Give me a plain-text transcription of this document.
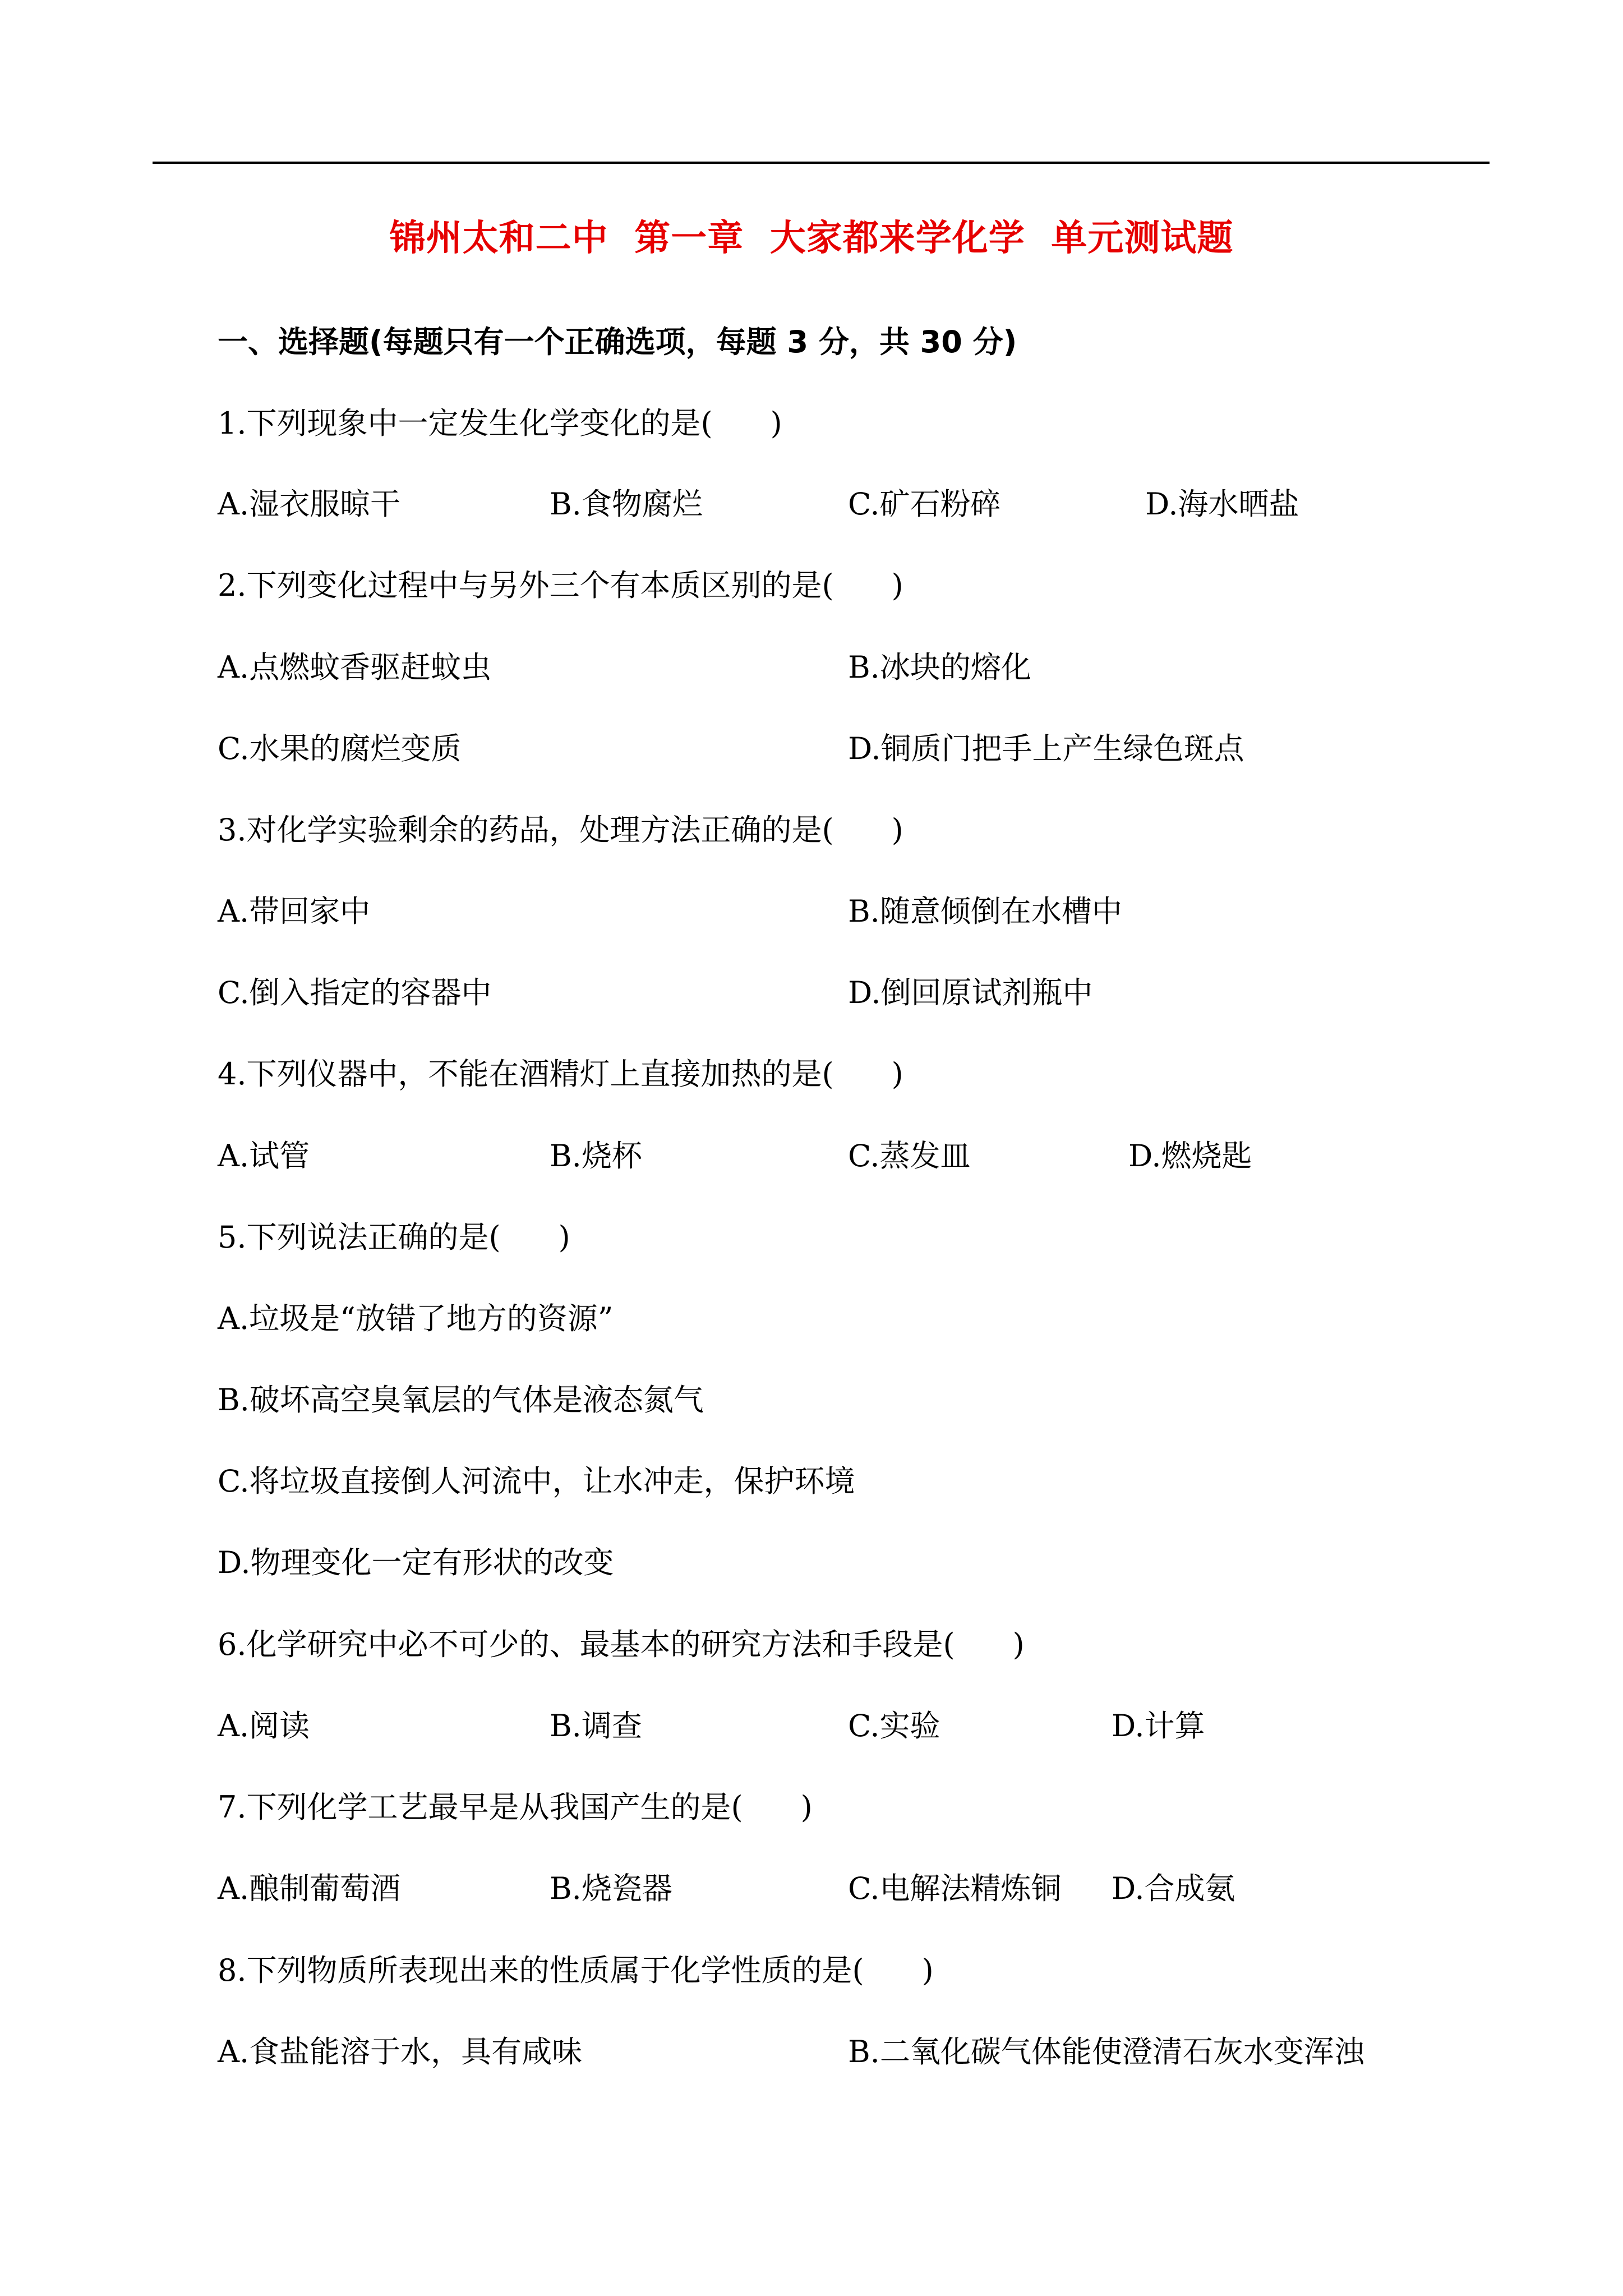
锦州太和二中  第一章  大家都来学化学  单元测试题
一、选择题(每题只有一个正确选项，每题 3 分，共 30 分)
1.下列现象中一定发生化学变化的是(      )
A.湿衣服晾干	B.食物腐烂	C.矿石粉碎	D.海水晒盐
2.下列变化过程中与另外三个有本质区别的是(      )
A.点燃蚊香驱赶蚊虫	B.冰块的熔化
C.水果的腐烂变质	D.铜质门把手上产生绿色斑点
3.对化学实验剩余的药品，处理方法正确的是(      )
A.带回家中	B.随意倾倒在水槽中
C.倒入指定的容器中	D.倒回原试剂瓶中
4.下列仪器中，不能在酒精灯上直接加热的是(      )
A.试管	B.烧杯	C.蒸发皿	D.燃烧匙
5.下列说法正确的是(      )
A.垃圾是“放错了地方的资源”
B.破坏高空臭氧层的气体是液态氮气
C.将垃圾直接倒人河流中，让水冲走，保护环境
D.物理变化一定有形状的改变
6.化学研究中必不可少的、最基本的研究方法和手段是(      )
A.阅读	B.调查	C.实验	D.计算
7.下列化学工艺最早是从我国产生的是(      )
A.酿制葡萄酒	B.烧瓷器	C.电解法精炼铜 D.合成氨
8.下列物质所表现出来的性质属于化学性质的是(      )
A.食盐能溶于水，具有咸味	B.二氧化碳气体能使澄清石灰水变浑浊
